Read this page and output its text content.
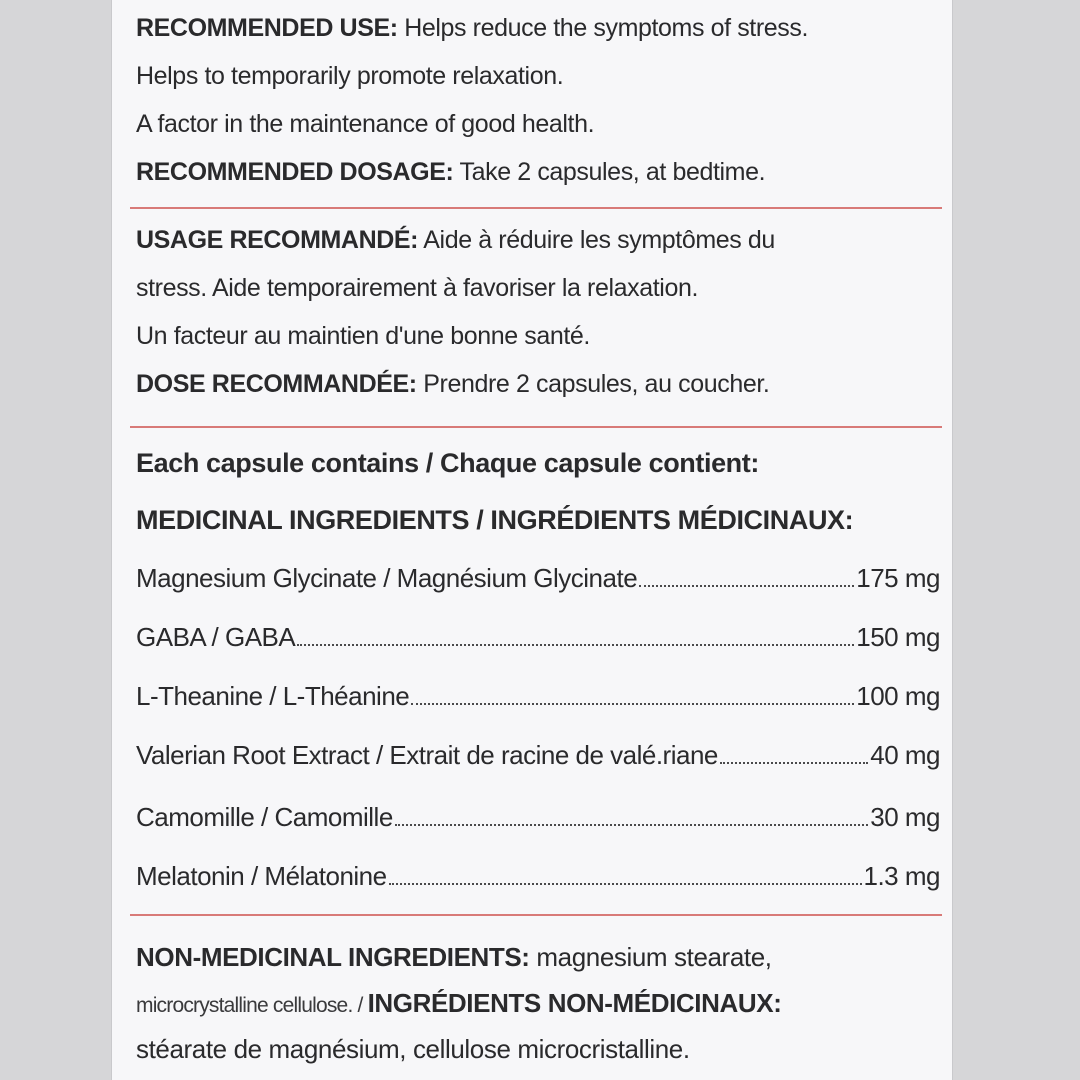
RECOMMENDED USE: Helps reduce the symptoms of stress.
Helps to temporarily promote relaxation.
A factor in the maintenance of good health.
RECOMMENDED DOSAGE: Take 2 capsules, at bedtime.
USAGE RECOMMANDÉ: Aide à réduire les symptômes du
stress. Aide temporairement à favoriser la relaxation.
Un facteur au maintien d'une bonne santé.
DOSE RECOMMANDÉE: Prendre 2 capsules, au coucher.
Each capsule contains / Chaque capsule contient:
MEDICINAL INGREDIENTS / INGRÉDIENTS MÉDICINAUX:
Magnesium Glycinate / Magnésium Glycinate	175 mg
GABA / GABA	150 mg
L-Theanine / L-Théanine	100 mg
Valerian Root Extract / Extrait de racine de valé.riane	40 mg
Camomille / Camomille	30 mg
Melatonin / Mélatonine	1.3 mg
NON-MEDICINAL INGREDIENTS: magnesium stearate,
microcrystalline cellulose. / INGRÉDIENTS NON-MÉDICINAUX:
stéarate de magnésium, cellulose microcristalline.
